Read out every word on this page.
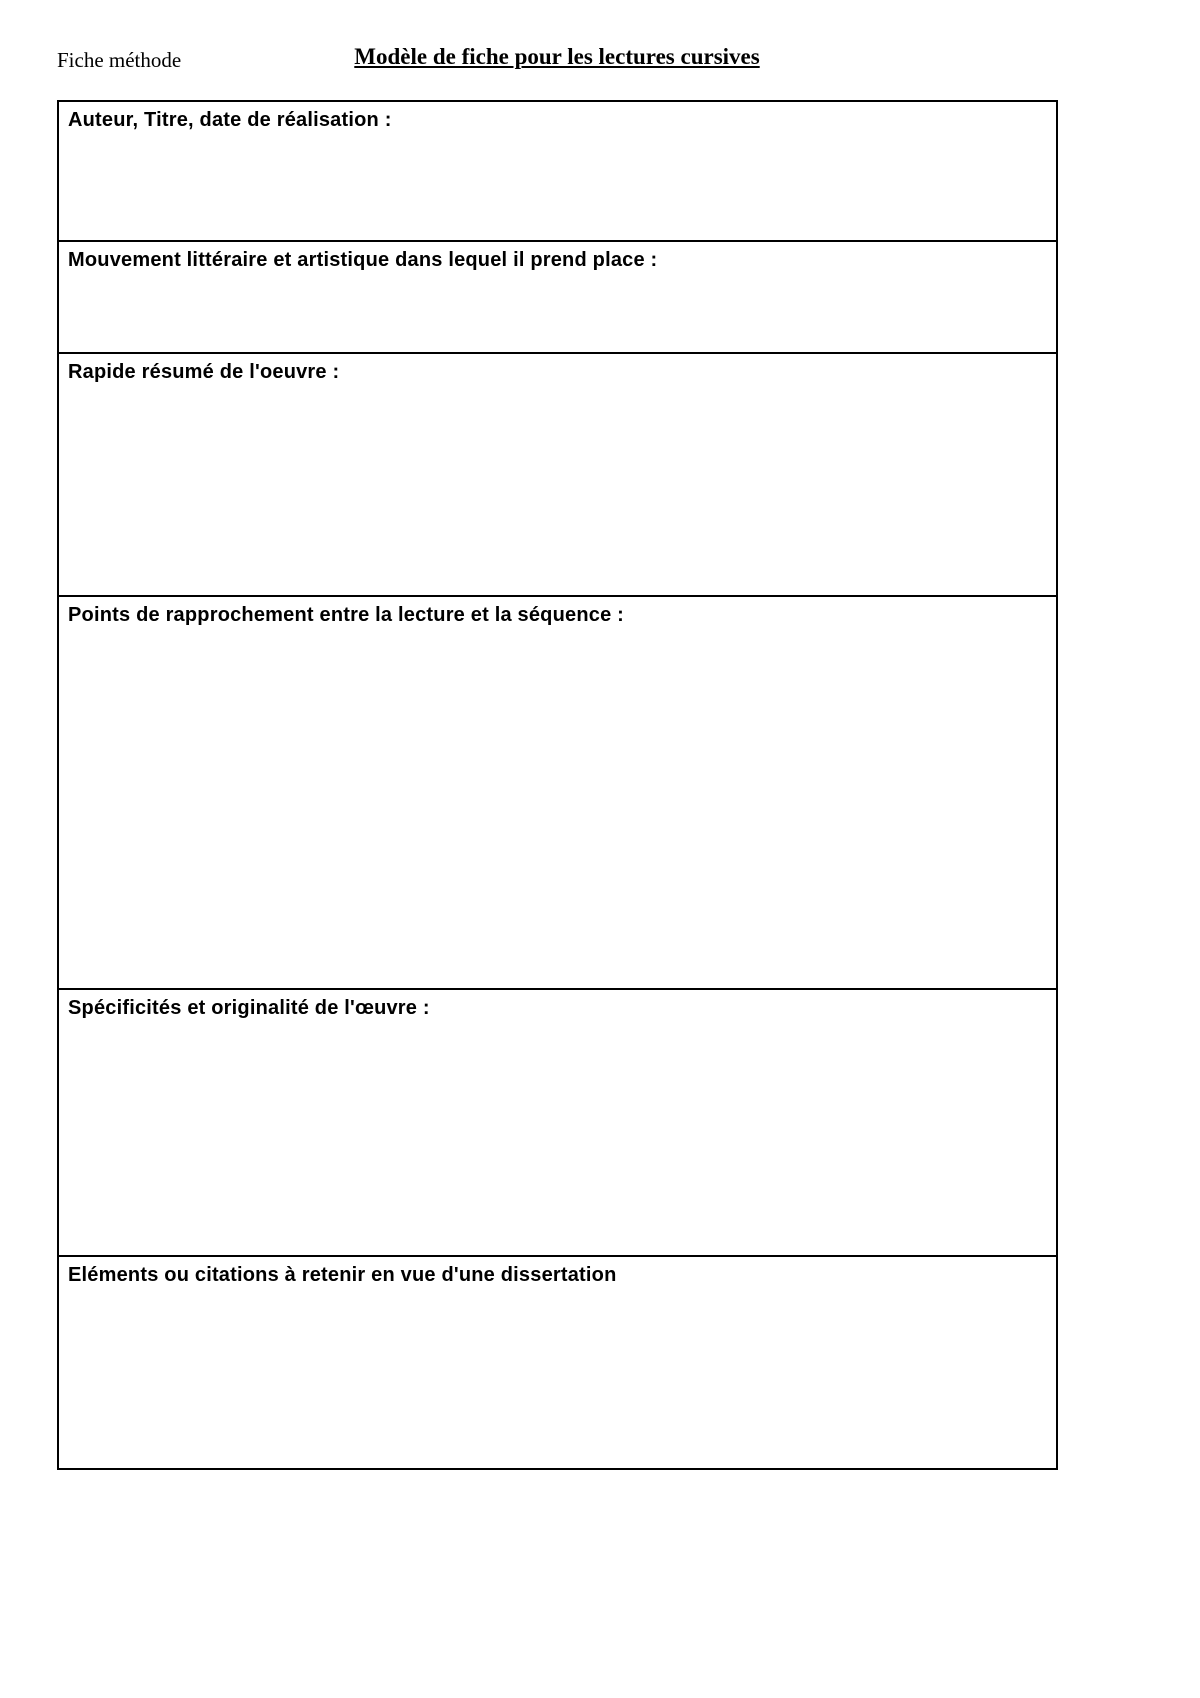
Fiche méthode	Modèle de fiche pour les lectures cursives
Auteur, Titre, date de réalisation :
Mouvement littéraire et artistique dans lequel il prend place :
Rapide résumé de l'oeuvre :
Points de rapprochement entre la lecture et la séquence :
Spécificités et originalité de l'œuvre :
Eléments ou citations à retenir en vue d'une dissertation
